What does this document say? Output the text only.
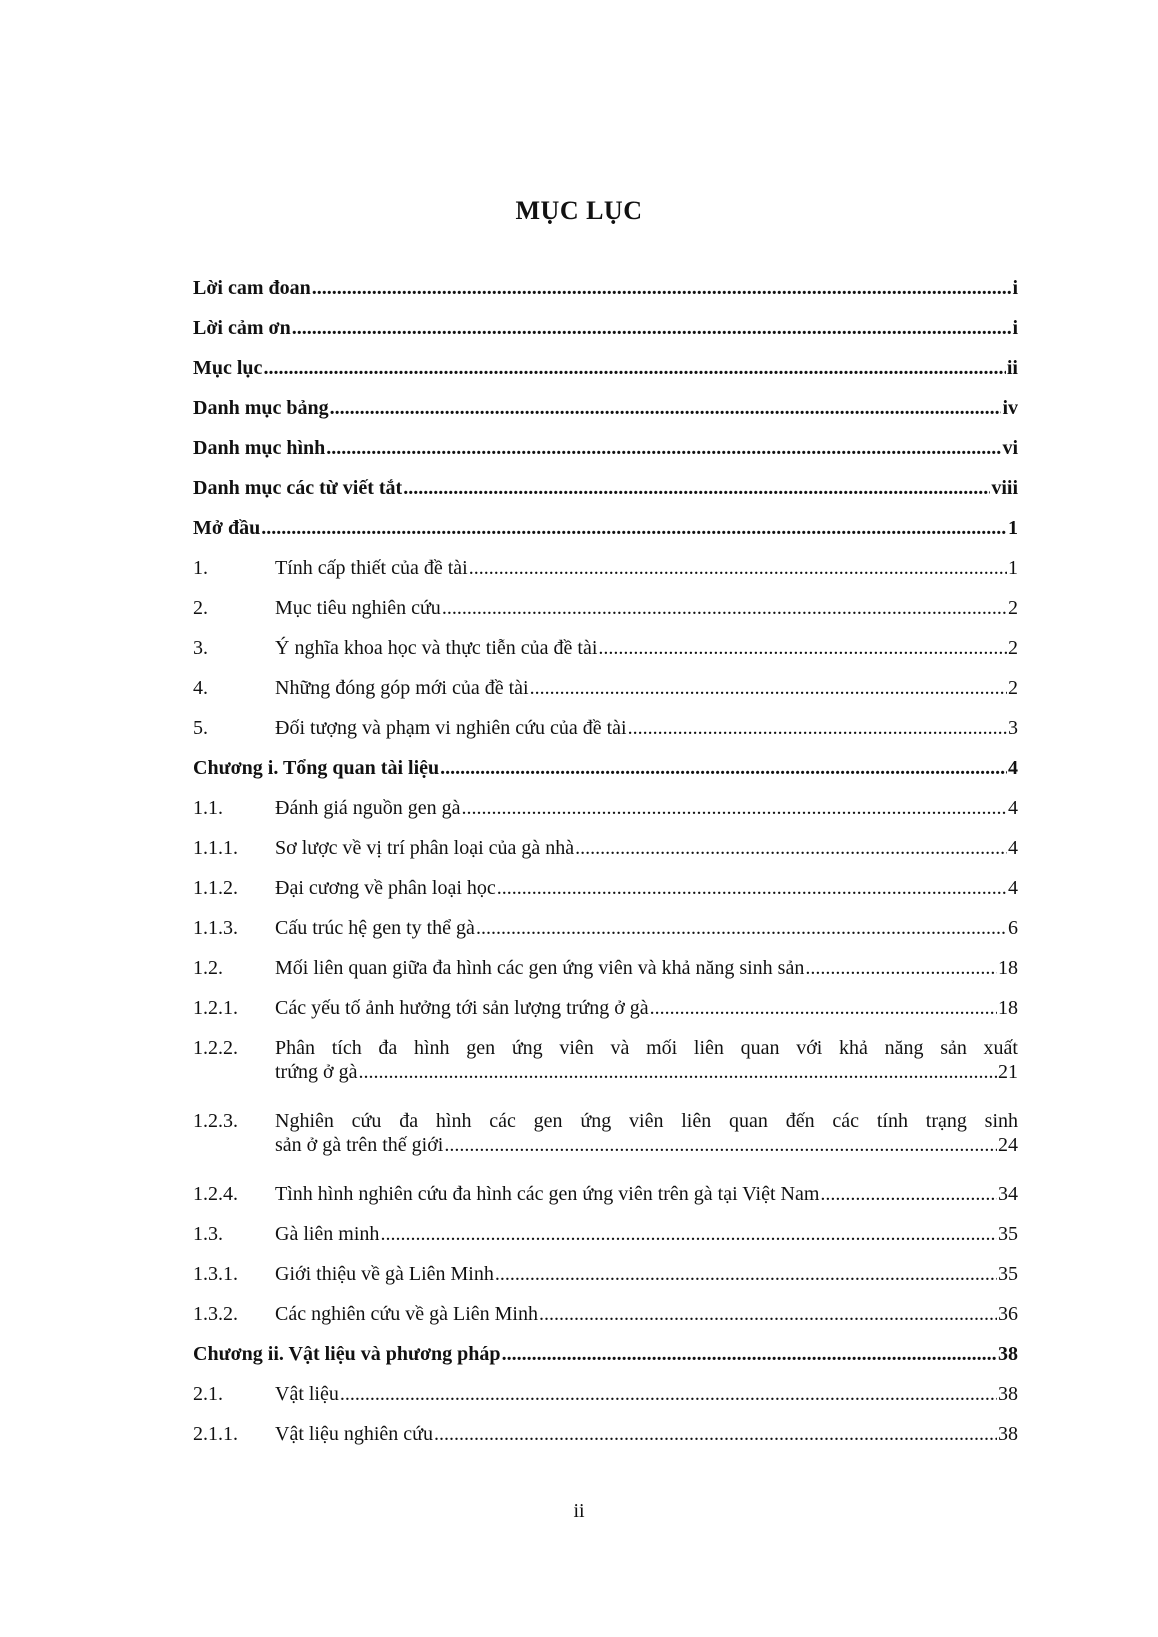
MỤC LỤC
Lời cam đoan .....	i
Lời cảm ơn .....	i
Mục lục .....	ii
Danh mục bảng .....	iv
Danh mục hình .....	vi
Danh mục các từ viết tắt .....	viii
Mở đầu .....	1
1.	Tính cấp thiết của đề tài .....	1
2.	Mục tiêu nghiên cứu .....	2
3.	Ý nghĩa khoa học và thực tiễn của đề tài .....	2
4.	Những đóng góp mới của đề tài .....	2
5.	Đối tượng và phạm vi nghiên cứu của đề tài .....	3
Chương i. Tổng quan tài liệu .....	4
1.1.	Đánh giá nguồn gen gà .....	4
1.1.1. Sơ lược về vị trí phân loại của gà nhà .....	4
1.1.2. Đại cương về phân loại học .....	4
1.1.3. Cấu trúc hệ gen ty thể gà .....	6
1.2.	Mối liên quan giữa đa hình các gen ứng viên và khả năng sinh sản .....	18
1.2.1. Các yếu tố ảnh hưởng tới sản lượng trứng ở gà .....	18
1.2.2. Phân tích đa hình gen ứng viên và mối liên quan với khả năng sản xuất
trứng ở gà .....	21
1.2.3. Nghiên cứu đa hình các gen ứng viên liên quan đến các tính trạng sinh
sản ở gà trên thế giới .....	24
1.2.4. Tình hình nghiên cứu đa hình các gen ứng viên trên gà tại Việt Nam .....	34
1.3.	Gà liên minh .....	35
1.3.1. Giới thiệu về gà Liên Minh .....	35
1.3.2. Các nghiên cứu về gà Liên Minh .....	36
Chương ii. Vật liệu và phương pháp .....	38
2.1.	Vật liệu .....	38
2.1.1. Vật liệu nghiên cứu .....	38
ii
